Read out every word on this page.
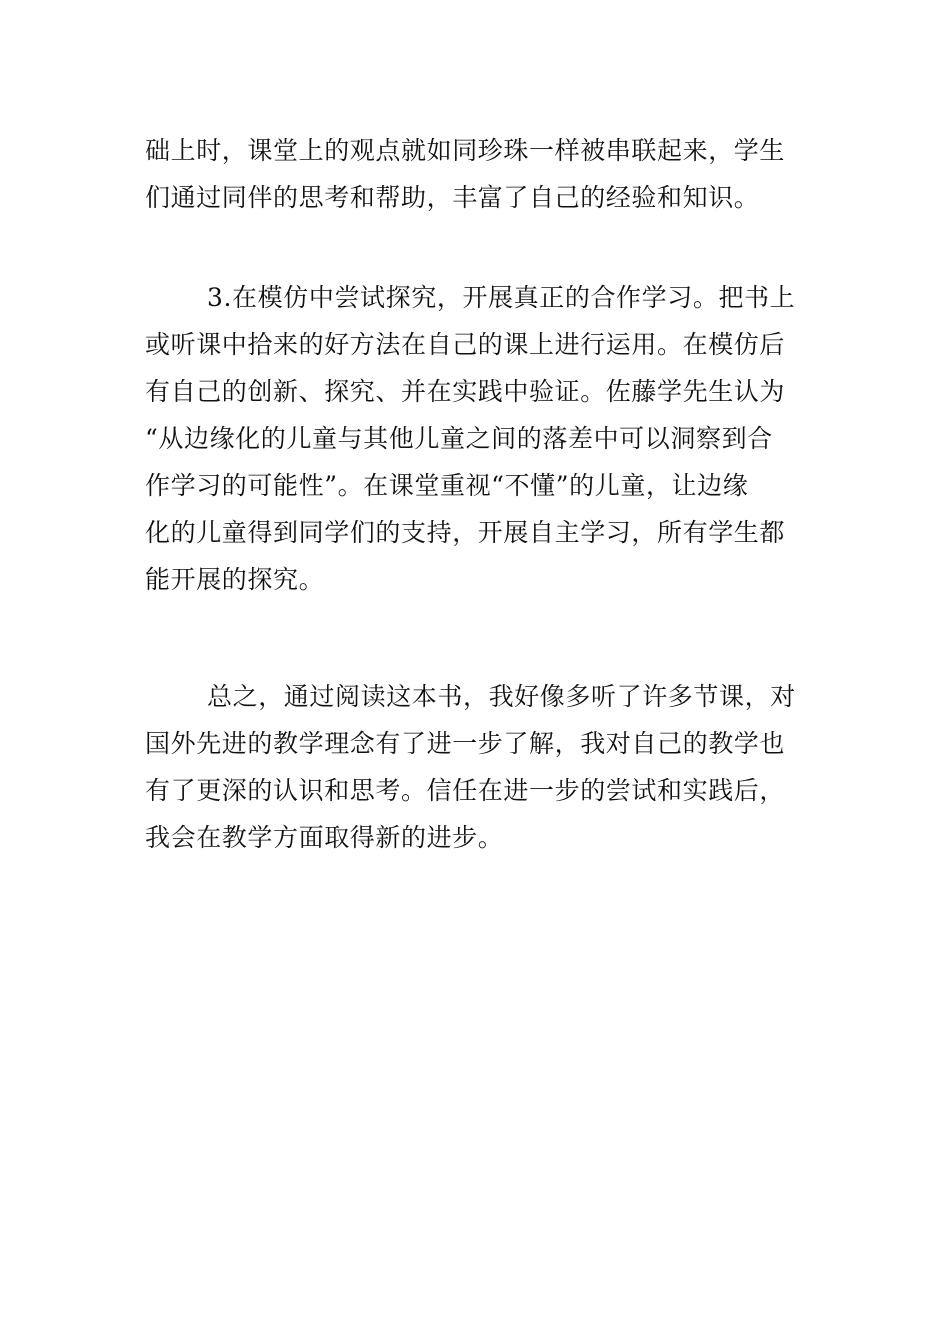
础上时，课堂上的观点就如同珍珠一样被串联起来，学生
们通过同伴的思考和帮助，丰富了自己的经验和知识。
3.在模仿中尝试探究，开展真正的合作学习。把书上
或听课中拾来的好方法在自己的课上进行运用。在模仿后
有自己的创新、探究、并在实践中验证。佐藤学先生认为
“从边缘化的儿童与其他儿童之间的落差中可以洞察到合
作学习的可能性”。在课堂重视“不懂”的儿童，让边缘
化的儿童得到同学们的支持，开展自主学习，所有学生都
能开展的探究。
总之，通过阅读这本书，我好像多听了许多节课，对
国外先进的教学理念有了进一步了解，我对自己的教学也
有了更深的认识和思考。信任在进一步的尝试和实践后，
我会在教学方面取得新的进步。
